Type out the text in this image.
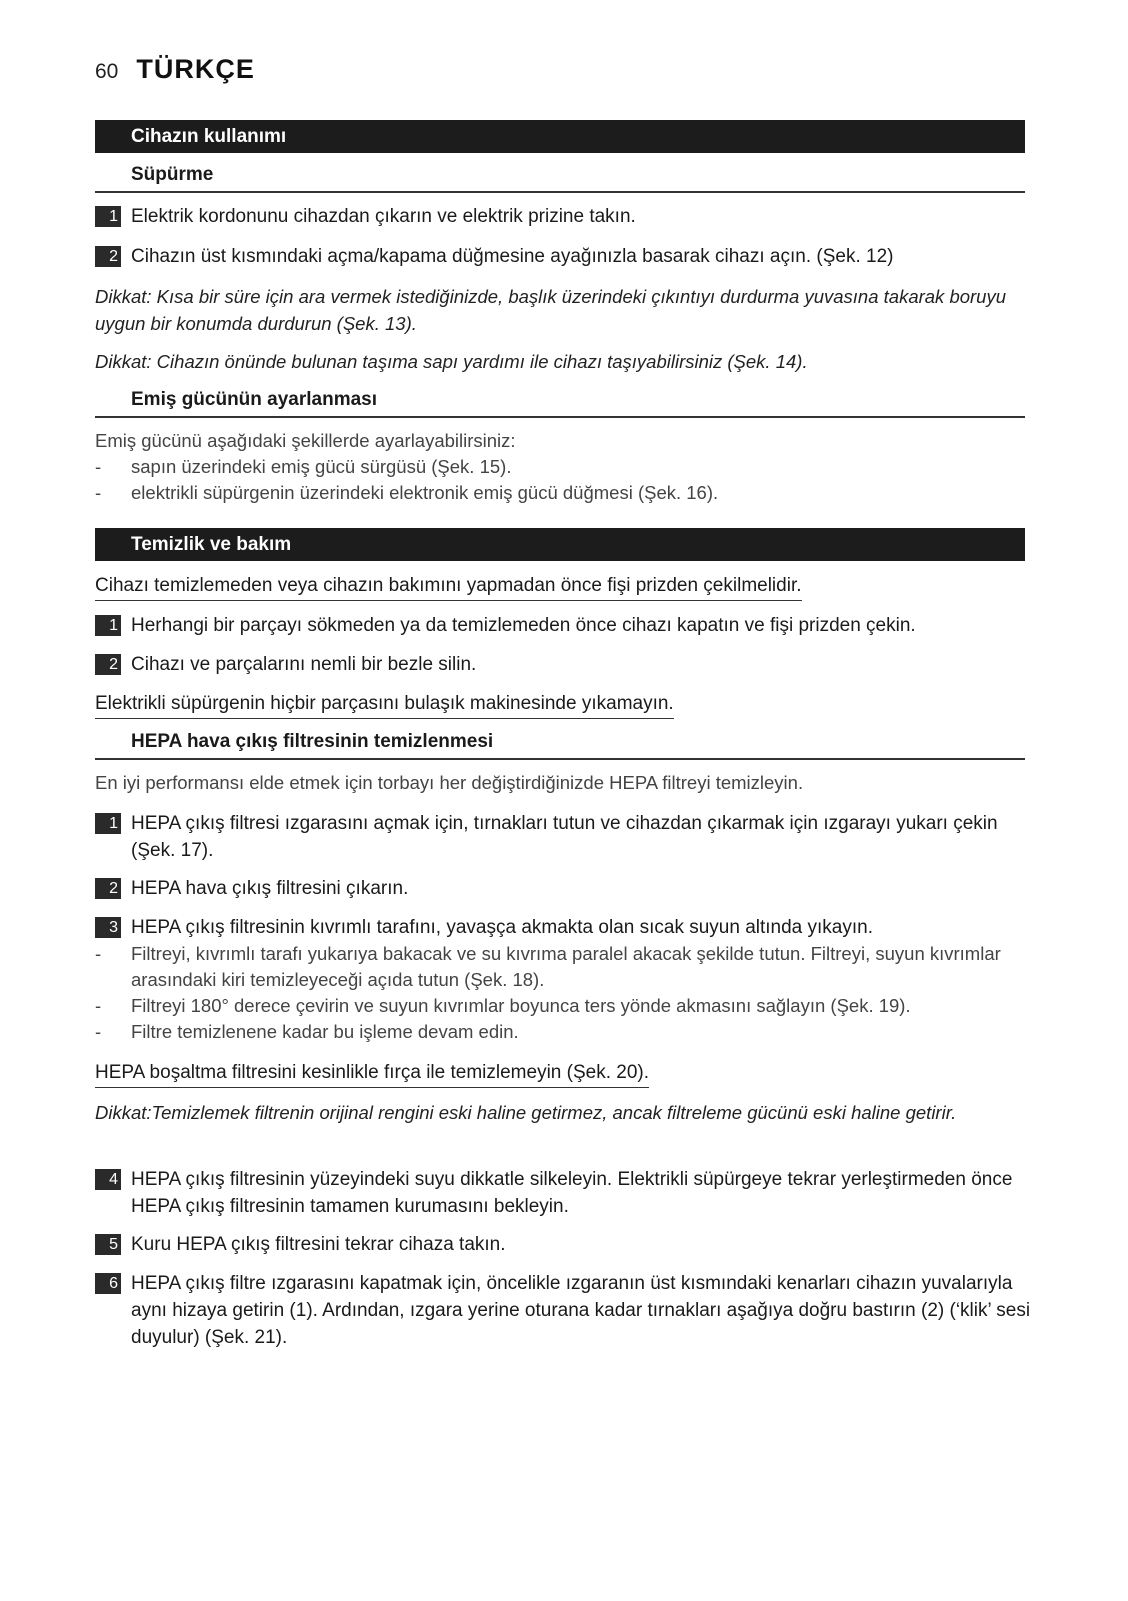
60 TÜRKÇE
Cihazın kullanımı
Süpürme
1 Elektrik kordonunu cihazdan çıkarın ve elektrik prizine takın.
2 Cihazın üst kısmındaki açma/kapama düğmesine ayağınızla basarak cihazı açın. (Şek. 12)
Dikkat: Kısa bir süre için ara vermek istediğinizde, başlık üzerindeki çıkıntıyı durdurma yuvasına takarak boruyu uygun bir konumda durdurun (Şek. 13).
Dikkat: Cihazın önünde bulunan taşıma sapı yardımı ile cihazı taşıyabilirsiniz (Şek. 14).
Emiş gücünün ayarlanması
Emiş gücünü aşağıdaki şekillerde ayarlayabilirsiniz:
-	sapın üzerindeki emiş gücü sürgüsü (Şek. 15).
-	elektrikli süpürgenin üzerindeki elektronik emiş gücü düğmesi (Şek. 16).
Temizlik ve bakım
Cihazı temizlemeden veya cihazın bakımını yapmadan önce fişi prizden çekilmelidir.
1 Herhangi bir parçayı sökmeden ya da temizlemeden önce cihazı kapatın ve fişi prizden çekin.
2 Cihazı ve parçalarını nemli bir bezle silin.
Elektrikli süpürgenin hiçbir parçasını bulaşık makinesinde yıkamayın.
HEPA hava çıkış filtresinin temizlenmesi
En iyi performansı elde etmek için torbayı her değiştirdiğinizde HEPA filtreyi temizleyin.
1 HEPA çıkış filtresi ızgarasını açmak için, tırnakları tutun ve cihazdan çıkarmak için ızgarayı yukarı çekin (Şek. 17).
2 HEPA hava çıkış filtresini çıkarın.
3 HEPA çıkış filtresinin kıvrımlı tarafını, yavaşça akmakta olan sıcak suyun altında yıkayın.
-	Filtreyi, kıvrımlı tarafı yukarıya bakacak ve su kıvrıma paralel akacak şekilde tutun. Filtreyi, suyun kıvrımlar arasındaki kiri temizleyeceği açıda tutun (Şek. 18).
-	Filtreyi 180° derece çevirin ve suyun kıvrımlar boyunca ters yönde akmasını sağlayın (Şek. 19).
-	Filtre temizlenene kadar bu işleme devam edin.
HEPA boşaltma filtresini kesinlikle fırça ile temizlemeyin (Şek. 20).
Dikkat:Temizlemek filtrenin orijinal rengini eski haline getirmez, ancak filtreleme gücünü eski haline getirir.
4 HEPA çıkış filtresinin yüzeyindeki suyu dikkatle silkeleyin. Elektrikli süpürgeye tekrar yerleştirmeden önce HEPA çıkış filtresinin tamamen kurumasını bekleyin.
5 Kuru HEPA çıkış filtresini tekrar cihaza takın.
6 HEPA çıkış filtre ızgarasını kapatmak için, öncelikle ızgaranın üst kısmındaki kenarları cihazın yuvalarıyla aynı hizaya getirin (1). Ardından, ızgara yerine oturana kadar tırnakları aşağıya doğru bastırın (2) (‘klik’ sesi duyulur) (Şek. 21).
